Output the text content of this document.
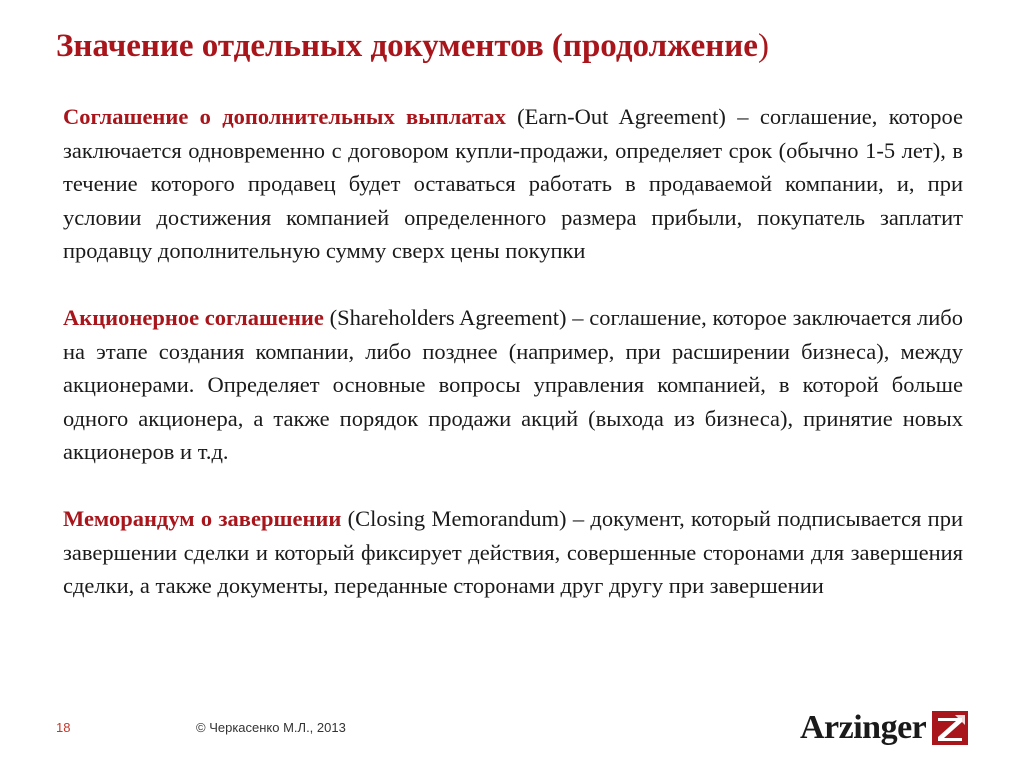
Значение отдельных документов (продолжение)

Соглашение о дополнительных выплатах (Earn-Out Agreement) – соглашение, которое заключается одновременно с договором купли-продажи, определяет срок (обычно 1-5 лет), в течение которого продавец будет оставаться работать в продаваемой компании, и, при условии достижения компанией определенного размера прибыли, покупатель заплатит продавцу дополнительную сумму сверх цены покупки

Акционерное соглашение (Shareholders Agreement) – соглашение, которое заключается либо на этапе создания компании, либо позднее (например, при расширении бизнеса), между акционерами. Определяет основные вопросы управления компанией, в которой больше одного акционера, а также порядок продажи акций (выхода из бизнеса), принятие новых акционеров и т.д.

Меморандум о завершении (Closing Memorandum) – документ, который подписывается при завершении сделки и который фиксирует действия, совершенные сторонами для завершения сделки, а также документы, переданные сторонами друг другу при завершении

18	© Черкасенко М.Л., 2013	Arzinger
